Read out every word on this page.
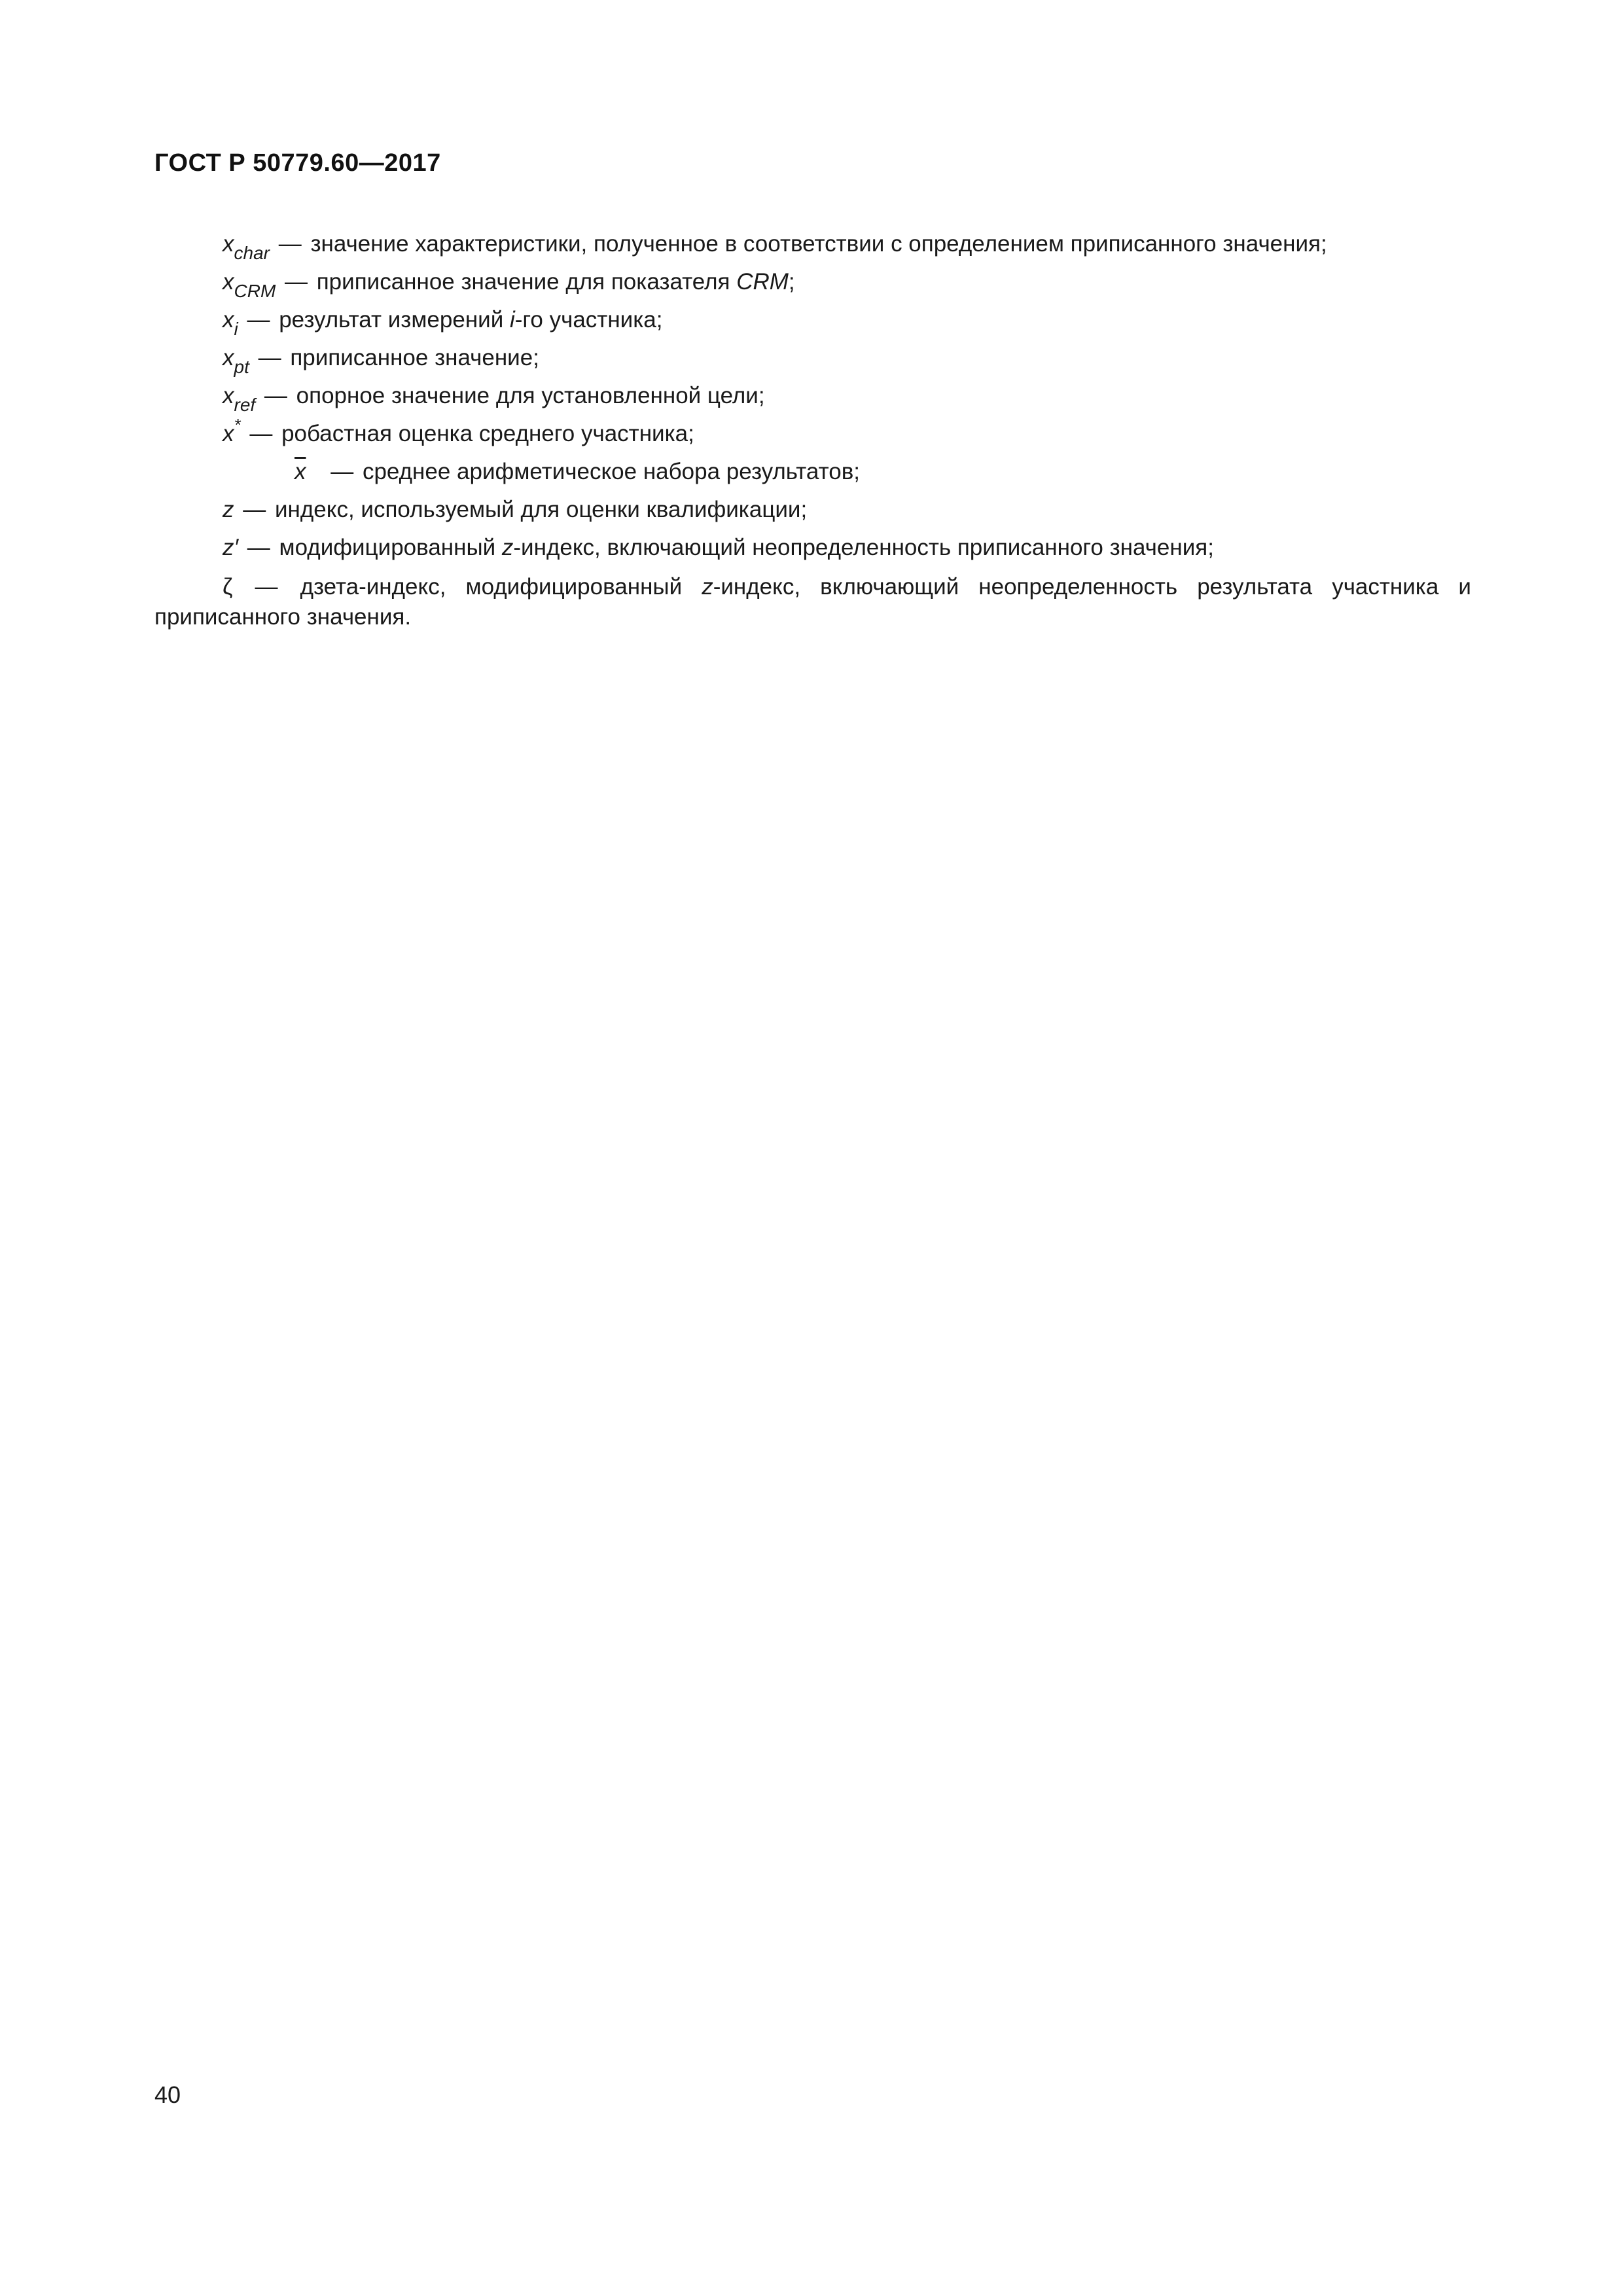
ГОСТ Р 50779.60—2017
$x_{char}$ — значение характеристики, полученное в соответствии с определением приписанного значения;
$x_{CRM}$ — приписанное значение для показателя CRM;
$x_i$ — результат измерений i-го участника;
$x_{pt}$ — приписанное значение;
$x_{ref}$ — опорное значение для установленной цели;
x* — робастная оценка среднего участника;
$\overline{x}$ — среднее арифметическое набора результатов;
z — индекс, используемый для оценки квалификации;
z′ — модифицированный z-индекс, включающий неопределенность приписанного значения;
ζ — дзета-индекс, модифицированный z-индекс, включающий неопределенность результата участника и приписанного значения.
40
